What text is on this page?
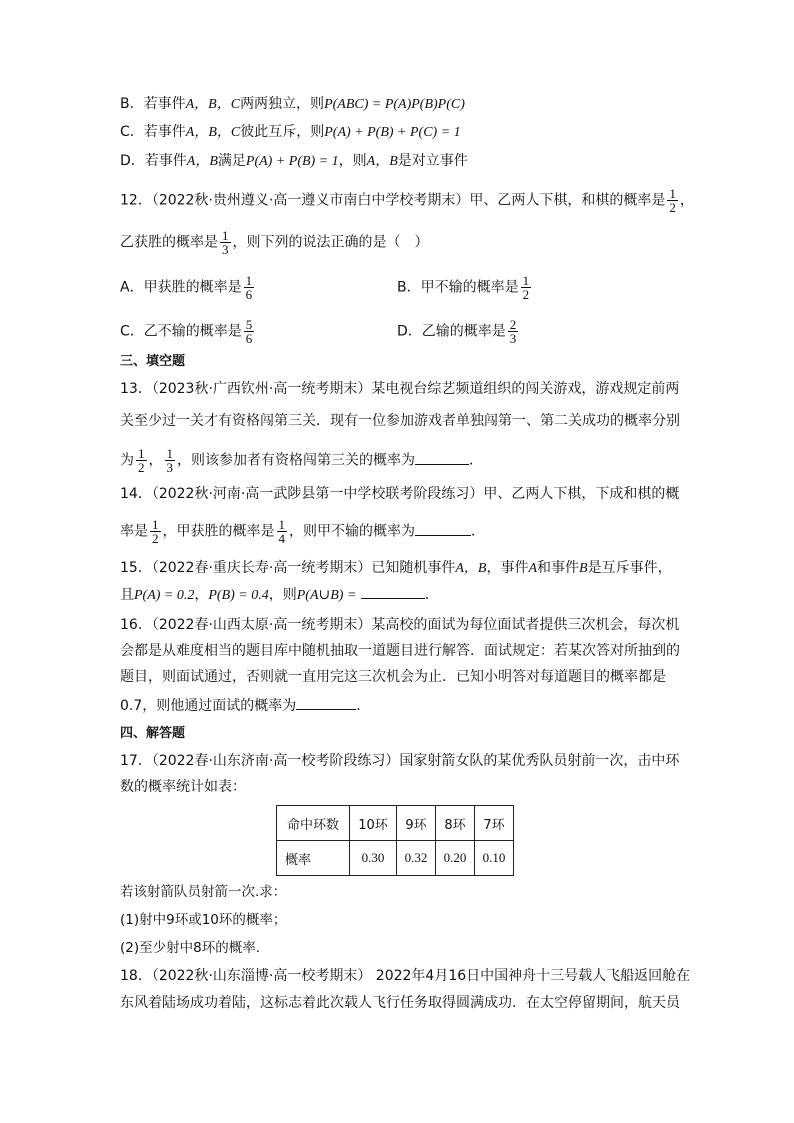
B．若事件A，B，C两两独立，则P(ABC) = P(A)P(B)P(C)
C．若事件A，B，C彼此互斥，则P(A) + P(B) + P(C) = 1
D．若事件A，B满足P(A) + P(B) = 1，则A，B是对立事件
12．（2022秋·贵州遵义·高一遵义市南白中学校考期末）甲、乙两人下棋，和棋的概率是 $\frac{1}{2}$ ，
乙获胜的概率是 $\frac{1}{3}$ ，则下列的说法正确的是（　）
A．甲获胜的概率是 $\frac{1}{6}$	B．甲不输的概率是 $\frac{1}{2}$
C．乙不输的概率是 $\frac{5}{6}$	D．乙输的概率是 $\frac{2}{3}$
三、填空题
13．（2023秋·广西钦州·高一统考期末）某电视台综艺频道组织的闯关游戏，游戏规定前两
关至少过一关才有资格闯第三关．现有一位参加游戏者单独闯第一、第二关成功的概率分别
为 $\frac{1}{2}$ ， $\frac{1}{3}$ ，则该参加者有资格闯第三关的概率为	．
14．（2022秋·河南·高一武陟县第一中学校联考阶段练习）甲、乙两人下棋，下成和棋的概
率是 $\frac{1}{2}$ ，甲获胜的概率是 $\frac{1}{4}$ ，则甲不输的概率为	．
15．（2022春·重庆长寿·高一统考期末）已知随机事件A，B，事件A和事件B是互斥事件，
且P(A) = 0.2，P(B) = 0.4，则P(A∪B) =	．
16．（2022春·山西太原·高一统考期末）某高校的面试为每位面试者提供三次机会，每次机
会都是从难度相当的题目库中随机抽取一道题目进行解答．面试规定：若某次答对所抽到的
题目，则面试通过，否则就一直用完这三次机会为止．已知小明答对每道题目的概率都是
0.7，则他通过面试的概率为	．
四、解答题
17．（2022春·山东济南·高一校考阶段练习）国家射箭女队的某优秀队员射前一次，击中环
数的概率统计如表：
命中环数	10环	9环	8环	7环
概率	0.30	0.32	0.20	0.10
若该射箭队员射箭一次.求：
(1)射中9环或10环的概率；
(2)至少射中8环的概率.
18．（2022秋·山东淄博·高一校考期末） 2022年4月16日中国神舟十三号载人飞船返回舱在
东风着陆场成功着陆，这标志着此次载人飞行任务取得圆满成功．在太空停留期间，航天员
